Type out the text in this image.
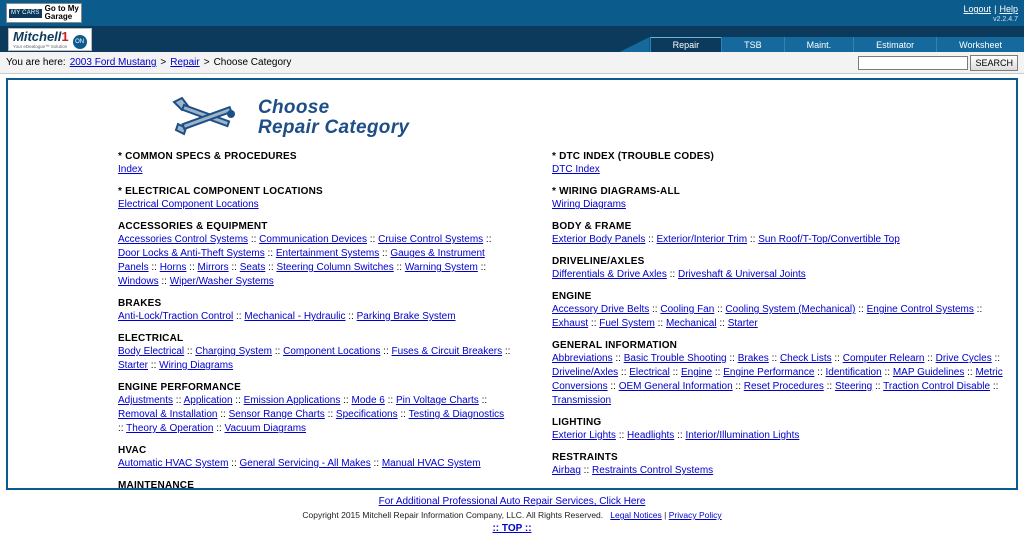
MY CARS Go to My
Garage
Logout | Help
v2.2.4.7
Mitchell1
Your eDealogue™ Solution
ON	Repair	TSB	Maint.	Estimator	Worksheet
You are here: 2003 Ford Mustang > Repair > Choose Category	SEARCH
Choose
Repair Category
* COMMON SPECS & PROCEDURES
Index
* ELECTRICAL COMPONENT LOCATIONS
Electrical Component Locations
ACCESSORIES & EQUIPMENT
Accessories Control Systems :: Communication Devices :: Cruise Control Systems :: Door Locks & Anti-Theft Systems :: Entertainment Systems :: Gauges & Instrument Panels :: Horns :: Mirrors :: Seats :: Steering Column Switches :: Warning System :: Windows :: Wiper/Washer Systems
BRAKES
Anti-Lock/Traction Control :: Mechanical - Hydraulic :: Parking Brake System
ELECTRICAL
Body Electrical :: Charging System :: Component Locations :: Fuses & Circuit Breakers :: Starter :: Wiring Diagrams
ENGINE PERFORMANCE
Adjustments :: Application :: Emission Applications :: Mode 6 :: Pin Voltage Charts :: Removal & Installation :: Sensor Range Charts :: Specifications :: Testing & Diagnostics :: Theory & Operation :: Vacuum Diagrams
HVAC
Automatic HVAC System :: General Servicing - All Makes :: Manual HVAC System
MAINTENANCE
* DTC INDEX (TROUBLE CODES)
DTC Index
* WIRING DIAGRAMS-ALL
Wiring Diagrams
BODY & FRAME
Exterior Body Panels :: Exterior/Interior Trim :: Sun Roof/T-Top/Convertible Top
DRIVELINE/AXLES
Differentials & Drive Axles :: Driveshaft & Universal Joints
ENGINE
Accessory Drive Belts :: Cooling Fan :: Cooling System (Mechanical) :: Engine Control Systems :: Exhaust :: Fuel System :: Mechanical :: Starter
GENERAL INFORMATION
Abbreviations :: Basic Trouble Shooting :: Brakes :: Check Lists :: Computer Relearn :: Drive Cycles :: Driveline/Axles :: Electrical :: Engine :: Engine Performance :: Identification :: MAP Guidelines :: Metric Conversions :: OEM General Information :: Reset Procedures :: Steering :: Traction Control Disable :: Transmission
LIGHTING
Exterior Lights :: Headlights :: Interior/Illumination Lights
RESTRAINTS
Airbag :: Restraints Control Systems
For Additional Professional Auto Repair Services, Click Here
Copyright 2015 Mitchell Repair Information Company, LLC. All Rights Reserved. Legal Notices | Privacy Policy
:: TOP ::
